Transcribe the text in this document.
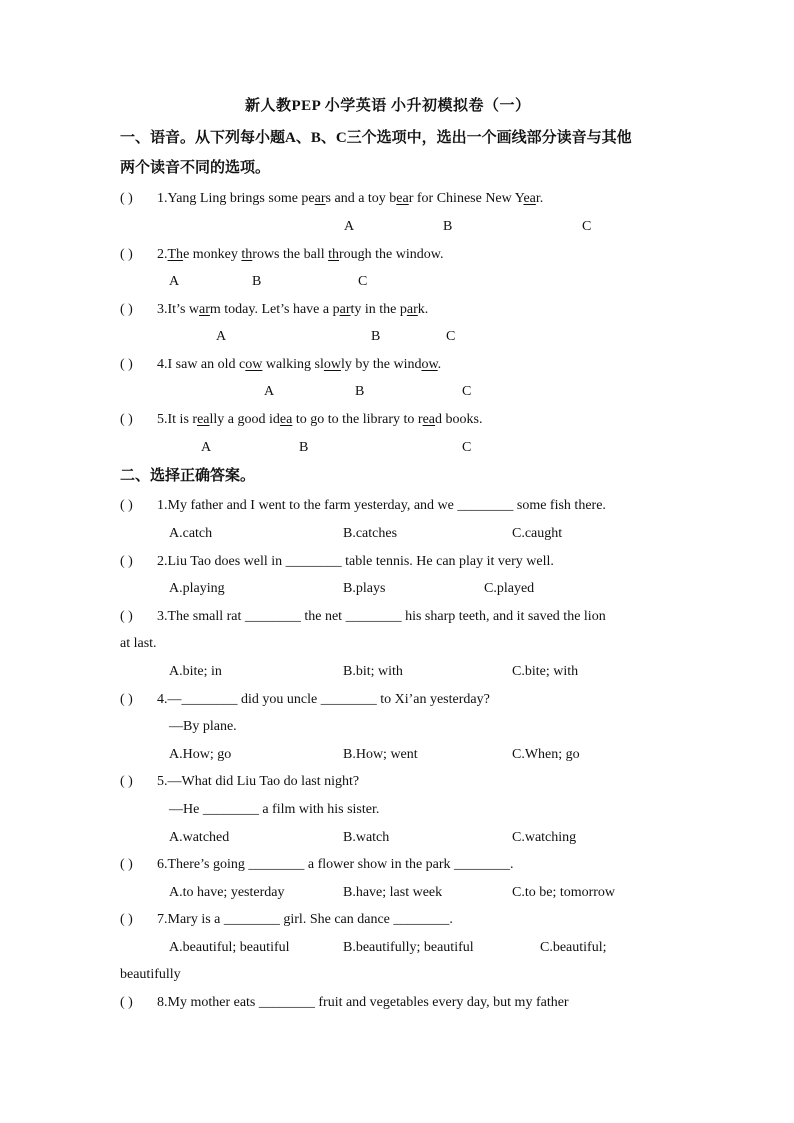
新人教PEP 小学英语 小升初模拟卷（一）
一、语音。从下列每小题A、B、C三个选项中，选出一个画线部分读音与其他
两个读音不同的选项。
( ) 1.Yang Ling brings some pears and a toy bear for Chinese New Year.
A	B	C
( ) 2.The monkey throws the ball through the window.
A	B	C
( ) 3.It’s warm today. Let’s have a party in the park.
A	B	C
( ) 4.I saw an old cow walking slowly by the window.
A	B	C
( ) 5.It is really a good idea to go to the library to read books.
A	B	C
二、选择正确答案。
( ) 1.My father and I went to the farm yesterday, and we ________ some fish there.
A.catch	B.catches	C.caught
( ) 2.Liu Tao does well in ________ table tennis. He can play it very well.
A.playing	B.plays	C.played
( ) 3.The small rat ________ the net ________ his sharp teeth, and it saved the lion
at last.
A.bite; in	B.bit; with	C.bite; with
( ) 4.—________ did you uncle ________ to Xi’an yesterday?
—By plane.
A.How; go	B.How; went	C.When; go
( ) 5.—What did Liu Tao do last night?
—He ________ a film with his sister.
A.watched	B.watch	C.watching
( ) 6.There’s going ________ a flower show in the park ________.
A.to have; yesterday	B.have; last week	C.to be; tomorrow
( ) 7.Mary is a ________ girl. She can dance ________.
A.beautiful; beautiful	B.beautifully; beautiful	C.beautiful;
beautifully
( ) 8.My mother eats ________ fruit and vegetables every day, but my father
